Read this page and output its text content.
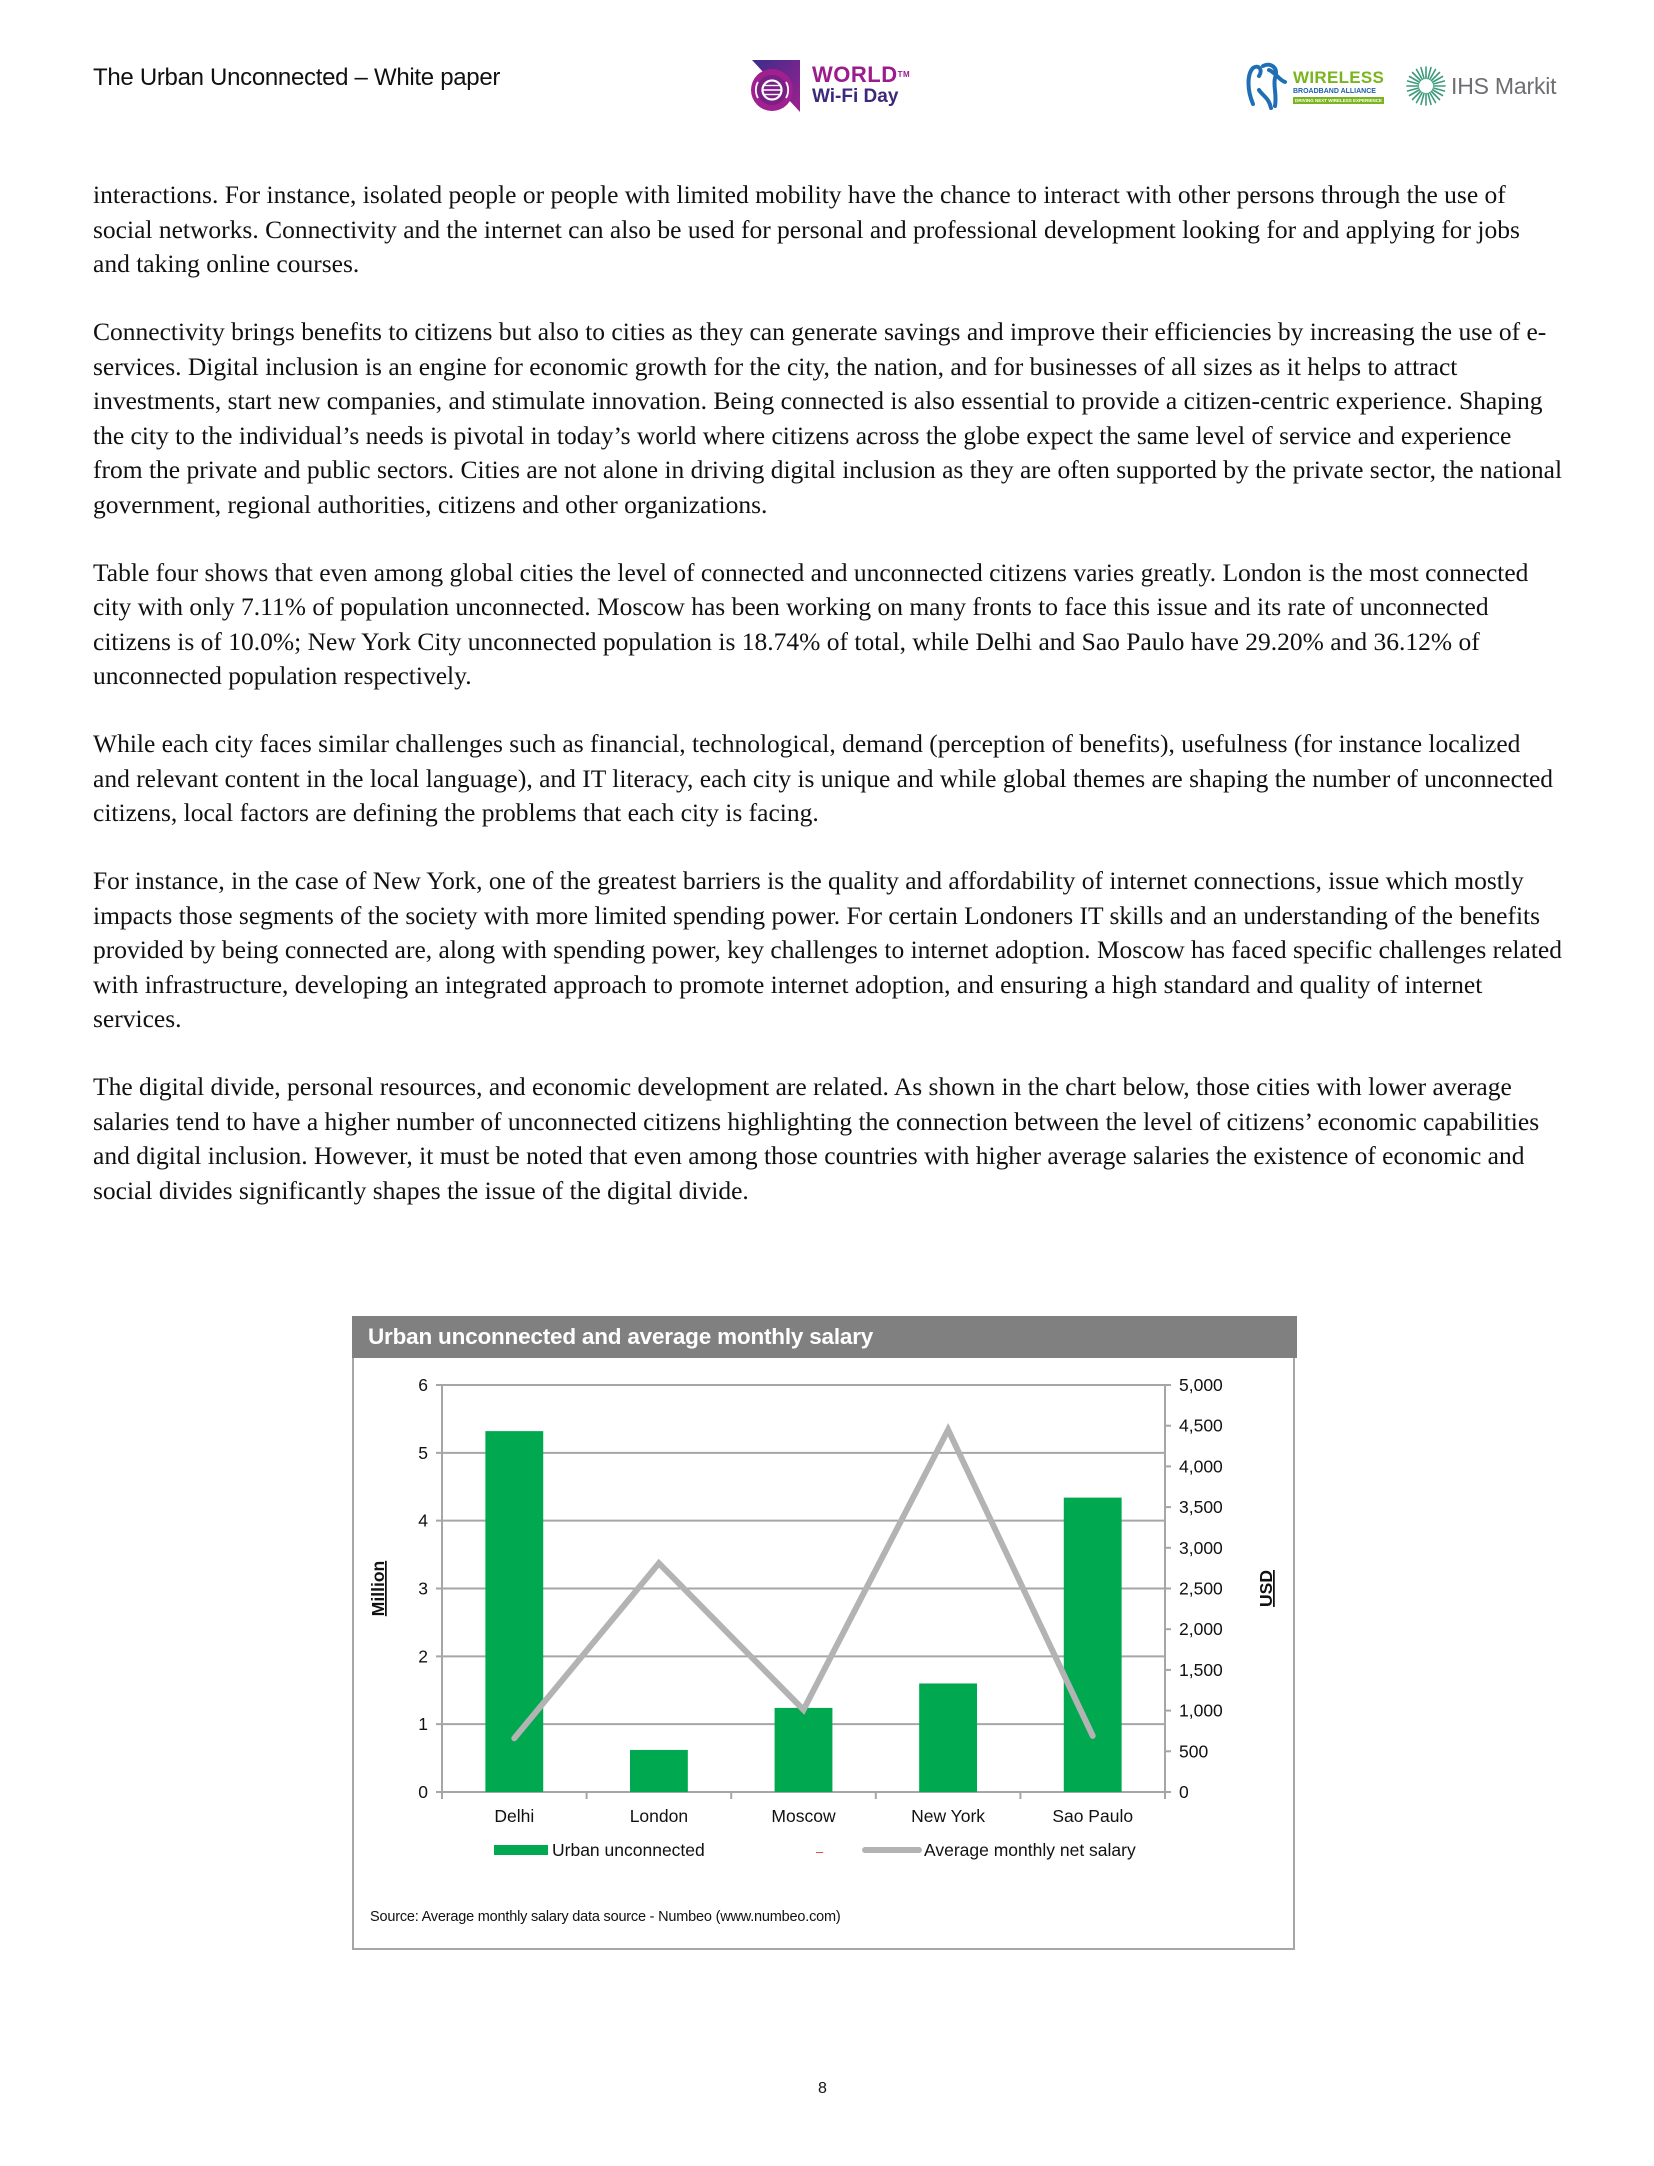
The Urban Unconnected – White paper	WORLD™
Wi-Fi Day
WIRELESS
BROADBAND ALLIANCE
DRIVING NEXT WIRELESS EXPERIENCE
IHS Markit

interactions. For instance, isolated people or people with limited mobility have the chance to interact with other persons through the use of social networks. Connectivity and the internet can also be used for personal and professional development looking for and applying for jobs and taking online courses.

Connectivity brings benefits to citizens but also to cities as they can generate savings and improve their efficiencies by increasing the use of e-services. Digital inclusion is an engine for economic growth for the city, the nation, and for businesses of all sizes as it helps to attract investments, start new companies, and stimulate innovation. Being connected is also essential to provide a citizen-centric experience. Shaping the city to the individual’s needs is pivotal in today’s world where citizens across the globe expect the same level of service and experience from the private and public sectors. Cities are not alone in driving digital inclusion as they are often supported by the private sector, the national government, regional authorities, citizens and other organizations.

Table four shows that even among global cities the level of connected and unconnected citizens varies greatly. London is the most connected city with only 7.11% of population unconnected. Moscow has been working on many fronts to face this issue and its rate of unconnected citizens is of 10.0%; New York City unconnected population is 18.74% of total, while Delhi and Sao Paulo have 29.20% and 36.12% of unconnected population respectively.

While each city faces similar challenges such as financial, technological, demand (perception of benefits), usefulness (for instance localized and relevant content in the local language), and IT literacy, each city is unique and while global themes are shaping the number of unconnected citizens, local factors are defining the problems that each city is facing.

For instance, in the case of New York, one of the greatest barriers is the quality and affordability of internet connections, issue which mostly impacts those segments of the society with more limited spending power. For certain Londoners IT skills and an understanding of the benefits provided by being connected are, along with spending power, key challenges to internet adoption. Moscow has faced specific challenges related with infrastructure, developing an integrated approach to promote internet adoption, and ensuring a high standard and quality of internet services.

The digital divide, personal resources, and economic development are related. As shown in the chart below, those cities with lower average salaries tend to have a higher number of unconnected citizens highlighting the connection between the level of citizens’ economic capabilities and digital inclusion. However, it must be noted that even among those countries with higher average salaries the existence of economic and social divides significantly shapes the issue of the digital divide.

Urban unconnected and average monthly salary
0
1
2
3
4
5
6
0
500
1,000
1,500
2,000
2,500
3,000
3,500
4,000
4,500
5,000
Delhi	London	Moscow	New York	Sao Paulo
Million	USD
Urban unconnected	–	Average monthly net salary
Source: Average monthly salary data source - Numbeo (www.numbeo.com)
8
